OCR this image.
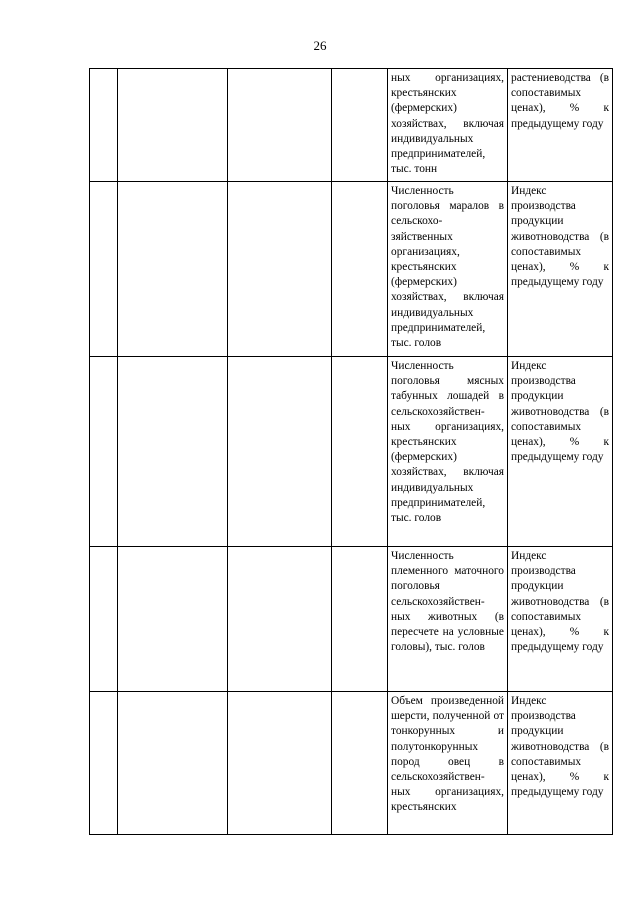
26

				ных организациях, крестьянских (фермерских) хозяйствах, включая индивидуальных предпринимателей, тыс. тонн	растениеводства (в сопоставимых ценах), % к предыдущему году

				Численность поголовья маралов в сельскохо-зяйственных организациях, крестьянских (фермерских) хозяйствах, включая индивидуальных предпринимателей, тыс. голов	Индекс производства продукции животноводства (в сопоставимых ценах), % к предыдущему году

				Численность поголовья мясных табунных лошадей в сельскохозяйствен-ных организациях, крестьянских (фермерских) хозяйствах, включая индивидуальных предпринимателей, тыс. голов	Индекс производства продукции животноводства (в сопоставимых ценах), % к предыдущему году

				Численность племенного маточного поголовья сельскохозяйствен-ных животных (в пересчете на условные головы), тыс. голов	Индекс производства продукции животноводства (в сопоставимых ценах), % к предыдущему году

				Объем произведенной шерсти, полученной от тонкорунных и полутонкорунных пород овец в сельскохозяйствен-ных организациях, крестьянских	Индекс производства продукции животноводства (в сопоставимых ценах), % к предыдущему году
